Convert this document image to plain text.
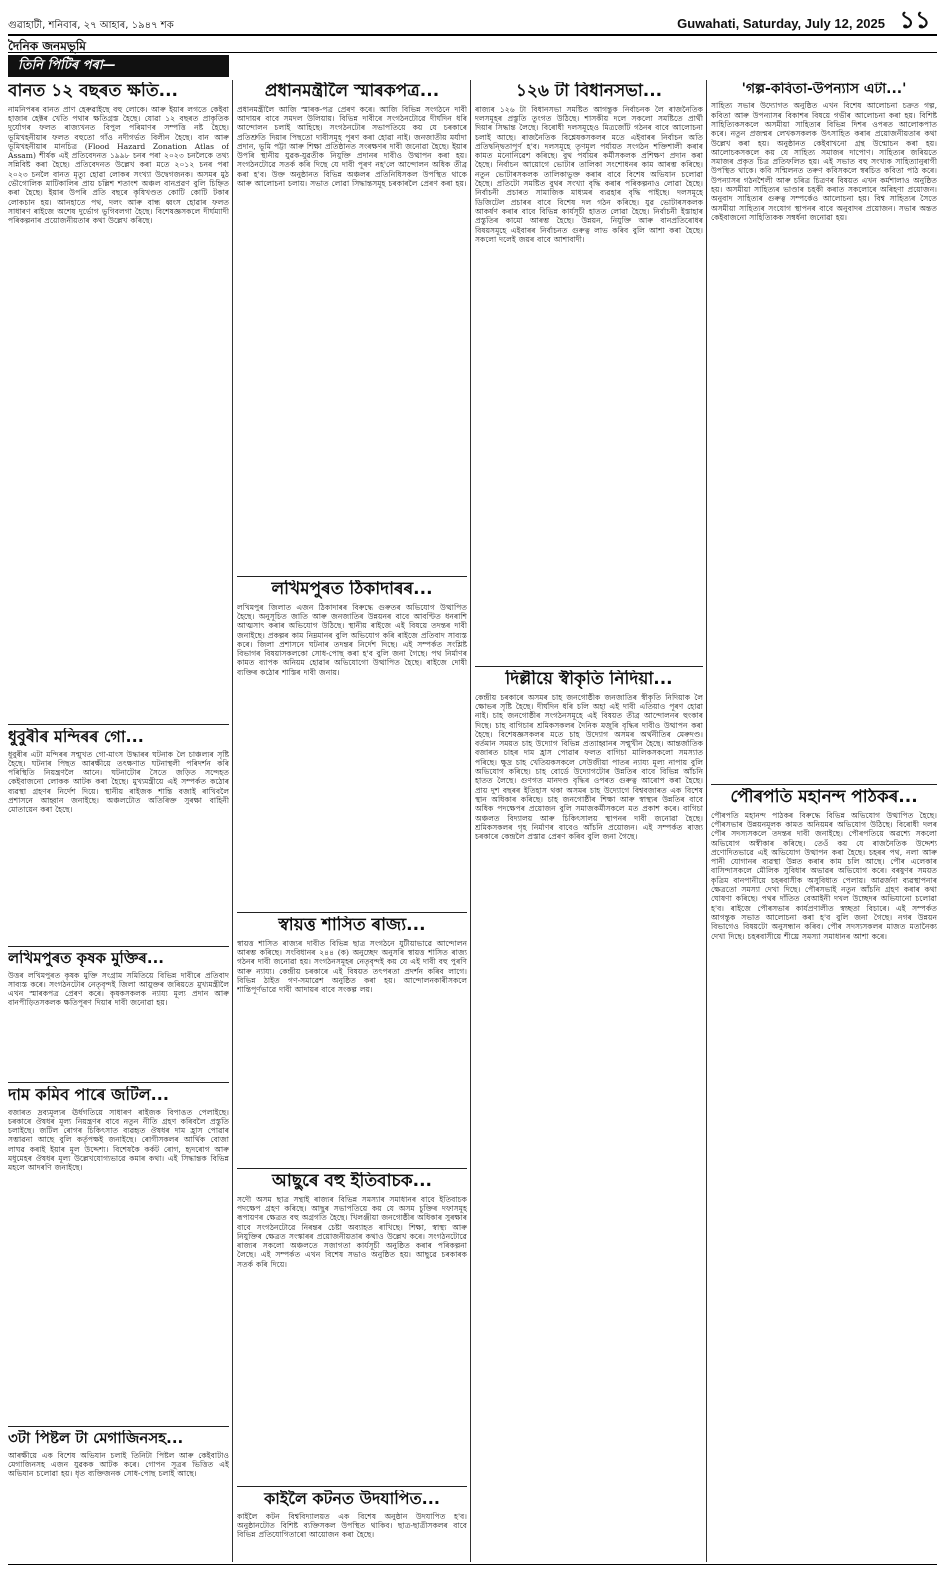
গুৱাহাটী, শনিবাৰ, ২৭ আহাৰ, ১৯৪৭ শক	Guwahati, Saturday, July 12, 2025 ১১
দৈনিক জনমভূমি
তিনি পিটিৰ পৰা—
বানত ১২ বছৰত ক্ষতি...

নামনিপৰৰ বানত প্ৰাণ হেৰুৱাইছে বহু লোকে। আৰু ইয়াৰ লগতে কেইবা হাজাৰ হেক্টৰ খেতি পথাৰ ক্ষতিগ্ৰস্ত হৈছে। যোৱা ১২ বছৰত প্ৰাকৃতিক দুৰ্যোগৰ ফলত ৰাজ্যখনত বিপুল পৰিমাণৰ সম্পত্তি নষ্ট হৈছে। ভূমিখহনীয়াৰ ফলত বহুতো গাঁও নদীগৰ্ভত বিলীন হৈছে। বান আৰু ভূমিখহনীয়াৰ মানচিত্ৰ (Flood Hazard Zonation Atlas of Assam) শীৰ্ষক এই প্ৰতিবেদনত ১৯৯৮ চনৰ পৰা ২০২৩ চনলৈকে তথ্য সন্নিবিষ্ট কৰা হৈছে। প্ৰতিবেদনত উল্লেখ কৰা মতে ২০১২ চনৰ পৰা ২০২৩ চনলৈ বানত মৃত্যু হোৱা লোকৰ সংখ্যা উদ্বেগজনক। অসমৰ মুঠ ভৌগোলিক মাটিকালিৰ প্ৰায় চল্লিশ শতাংশ অঞ্চল বানপ্ৰৱণ বুলি চিহ্নিত কৰা হৈছে। ইয়াৰ উপৰি প্ৰতি বছৰে কৃষিখণ্ডত কোটি কোটি টকাৰ লোকচান হয়। আনহাতে পথ, দলং আৰু বান্ধ ধ্বংস হোৱাৰ ফলত সাধাৰণ ৰাইজে অশেষ দুৰ্ভোগ ভুগিবলগা হৈছে। বিশেষজ্ঞসকলে দীৰ্ঘম্যাদী পৰিকল্পনাৰ প্ৰয়োজনীয়তাৰ কথা উল্লেখ কৰিছে।

ধুবুৰীৰ মন্দিৰৰ গো...

ধুবুৰীৰ এটা মন্দিৰৰ সন্মুখত গো-মাংস উদ্ধাৰৰ ঘটনাক লৈ চাঞ্চল্যৰ সৃষ্টি হৈছে। ঘটনাৰ পিছত আৰক্ষীয়ে তৎক্ষণাত ঘটনাস্থলী পৰিদৰ্শন কৰি পৰিস্থিতি নিয়ন্ত্ৰণলৈ আনে। ঘটনাটোৰ সৈতে জড়িত সন্দেহত কেইবাজনো লোকক আটক কৰা হৈছে। মুখ্যমন্ত্ৰীয়ে এই সম্পৰ্কত কঠোৰ ব্যৱস্থা গ্ৰহণৰ নিৰ্দেশ দিয়ে। স্থানীয় ৰাইজক শান্তি বজাই ৰাখিবলৈ প্ৰশাসনে আহ্বান জনাইছে। অঞ্চলটোত অতিৰিক্ত সুৰক্ষা বাহিনী মোতায়েন কৰা হৈছে।

লখিমপুৰত কৃষক মুক্তিৰ...

উত্তৰ লখিমপুৰত কৃষক মুক্তি সংগ্ৰাম সমিতিয়ে বিভিন্ন দাবীৰে প্ৰতিবাদ সাব্যস্ত কৰে। সংগঠনটোৰ নেতৃবৃন্দই জিলা আয়ুক্তৰ জৰিয়তে মুখ্যমন্ত্ৰীলৈ এখন স্মাৰকপত্ৰ প্ৰেৰণ কৰে। কৃষকসকলক ন্যায্য মূল্য প্ৰদান আৰু বানপীড়িতসকলক ক্ষতিপূৰণ দিয়াৰ দাবী জনোৱা হয়।

দাম কমিব পাৰে জটিল...

বজাৰত দ্ৰব্যমূল্যৰ ঊৰ্ধগতিয়ে সাধাৰণ ৰাইজক বিপাঙত পেলাইছে। চৰকাৰে ঔষধৰ মূল্য নিয়ন্ত্ৰণৰ বাবে নতুন নীতি গ্ৰহণ কৰিবলৈ প্ৰস্তুতি চলাইছে। জটিল ৰোগৰ চিকিৎসাত ব্যৱহৃত ঔষধৰ দাম হ্ৰাস পোৱাৰ সম্ভাৱনা আছে বুলি কৰ্তৃপক্ষই জনাইছে। ৰোগীসকলৰ আৰ্থিক বোজা লাঘৱ কৰাই ইয়াৰ মূল উদ্দেশ্য। বিশেষকৈ কৰ্কট ৰোগ, হৃদৰোগ আৰু মধুমেহৰ ঔষধৰ মূল্য উল্লেখযোগ্যভাৱে কমাৰ কথা। এই সিদ্ধান্তক বিভিন্ন মহলে আদৰণি জনাইছে।

৩টা পিষ্টল টা মেগাজিনসহ...

আৰক্ষীয়ে এক বিশেষ অভিযান চলাই তিনিটা পিষ্টল আৰু কেইবাটাও মেগাজিনসহ এজন যুৱকক আটক কৰে। গোপন সূত্ৰৰ ভিত্তিত এই অভিযান চলোৱা হয়। ধৃত ব্যক্তিজনক সোধ-পোছ চলাই আছে।

প্ৰধানমন্ত্ৰীলৈ স্মাৰকপত্ৰ...

প্ৰধানমন্ত্ৰীলৈ আজি স্মাৰক-পত্ৰ প্ৰেৰণ কৰে। আজি বিভিন্ন সংগঠনে দাবী আদায়ৰ বাবে সমদল উলিয়ায়। বিভিন্ন দাবীৰে সংগঠনটোৱে দীৰ্ঘদিন ধৰি আন্দোলন চলাই আহিছে। সংগঠনটোৰ সভাপতিয়ে কয় যে চৰকাৰে প্ৰতিশ্ৰুতি দিয়াৰ পিছতো দাবীসমূহ পূৰণ কৰা হোৱা নাই। জনজাতীয় মৰ্যাদা প্ৰদান, ভূমি পট্টা আৰু শিক্ষা প্ৰতিষ্ঠানত সংৰক্ষণৰ দাবী জনোৱা হৈছে। ইয়াৰ উপৰি স্থানীয় যুৱক-যুৱতীক নিযুক্তি প্ৰদানৰ দাবীও উত্থাপন কৰা হয়। সংগঠনটোৱে সতৰ্ক কৰি দিছে যে দাবী পূৰণ নহ'লে আন্দোলন অধিক তীব্ৰ কৰা হ'ব। উক্ত অনুষ্ঠানত বিভিন্ন অঞ্চলৰ প্ৰতিনিধিসকল উপস্থিত থাকে আৰু আলোচনা চলায়। সভাত লোৱা সিদ্ধান্তসমূহ চৰকাৰলৈ প্ৰেৰণ কৰা হয়।

লখিমপুৰত ঠিকাদাৰৰ...

লখিমপুৰ জিলাত এজন ঠিকাদাৰৰ বিৰুদ্ধে গুৰুতৰ অভিযোগ উত্থাপিত হৈছে। অনুসূচিত জাতি আৰু জনজাতিৰ উন্নয়নৰ বাবে আবণ্টিত ধনৰাশি আত্মসাৎ কৰাৰ অভিযোগ উঠিছে। স্থানীয় ৰাইজে এই বিষয়ে তদন্তৰ দাবী জনাইছে। প্ৰকল্পৰ কাম নিম্নমানৰ বুলি অভিযোগ কৰি ৰাইজে প্ৰতিবাদ সাব্যস্ত কৰে। জিলা প্ৰশাসনে ঘটনাৰ তদন্তৰ নিৰ্দেশ দিছে। এই সম্পৰ্কত সংশ্লিষ্ট বিভাগৰ বিষয়াসকলকো সোধ-পোছ কৰা হ'ব বুলি জনা গৈছে। পথ নিৰ্মাণৰ কামত ব্যাপক অনিয়ম হোৱাৰ অভিযোগো উত্থাপিত হৈছে। ৰাইজে দোষী ব্যক্তিৰ কঠোৰ শাস্তিৰ দাবী জনায়।

স্বায়ত্ত শাসিত ৰাজ্য...

স্বায়ত্ত শাসিত ৰাজ্যৰ দাবীত বিভিন্ন ছাত্ৰ সংগঠনে যুটীয়াভাৱে আন্দোলন আৰম্ভ কৰিছে। সংবিধানৰ ২৪৪ (ক) অনুচ্ছেদ অনুসৰি স্বায়ত্ত শাসিত ৰাজ্য গঠনৰ দাবী জনোৱা হয়। সংগঠনসমূহৰ নেতৃবৃন্দই কয় যে এই দাবী বহু পুৰণি আৰু ন্যায্য। কেন্দ্ৰীয় চৰকাৰে এই বিষয়ত তৎপৰতা প্ৰদৰ্শন কৰিব লাগে। বিভিন্ন ঠাইত গণ-সমাৱেশ অনুষ্ঠিত কৰা হয়। আন্দোলনকাৰীসকলে শান্তিপূৰ্ণভাৱে দাবী আদায়ৰ বাবে সংকল্প লয়।

আছুৰে বহু ইতিবাচক...

সদৌ অসম ছাত্ৰ সন্থাই ৰাজ্যৰ বিভিন্ন সমস্যাৰ সমাধানৰ বাবে ইতিবাচক পদক্ষেপ গ্ৰহণ কৰিছে। আছুৰ সভাপতিয়ে কয় যে অসম চুক্তিৰ দফাসমূহ ৰূপায়ণৰ ক্ষেত্ৰত বহু অগ্ৰগতি হৈছে। খিলঞ্জীয়া জনগোষ্ঠীৰ অধিকাৰ সুৰক্ষাৰ বাবে সংগঠনটোৱে নিৰন্তৰ চেষ্টা অব্যাহত ৰাখিছে। শিক্ষা, স্বাস্থ্য আৰু নিযুক্তিৰ ক্ষেত্ৰত সংস্কাৰৰ প্ৰয়োজনীয়তাৰ কথাও উল্লেখ কৰে। সংগঠনটোৱে ৰাজ্যৰ সকলো অঞ্চলতে সজাগতা কাৰ্যসূচী অনুষ্ঠিত কৰাৰ পৰিকল্পনা লৈছে। এই সম্পৰ্কত এখন বিশেষ সভাও অনুষ্ঠিত হয়। আছুৱে চৰকাৰক সতৰ্ক কৰি দিয়ে।

কাইলৈ কটনত উদযাপিত...

কাইলৈ কটন বিশ্ববিদ্যালয়ত এক বিশেষ অনুষ্ঠান উদযাপিত হ'ব। অনুষ্ঠানটোত বিশিষ্ট ব্যক্তিসকল উপস্থিত থাকিব। ছাত্ৰ-ছাত্ৰীসকলৰ বাবে বিভিন্ন প্ৰতিযোগিতাৰো আয়োজন কৰা হৈছে।

১২৬ টা বিধানসভা...

ৰাজ্যৰ ১২৬ টা বিধানসভা সমষ্টিত আগন্তুক নিৰ্বাচনক লৈ ৰাজনৈতিক দলসমূহৰ প্ৰস্তুতি তুংগত উঠিছে। শাসকীয় দলে সকলো সমষ্টিতে প্ৰাৰ্থী দিয়াৰ সিদ্ধান্ত লৈছে। বিৰোধী দলসমূহেও মিত্ৰজোঁট গঠনৰ বাবে আলোচনা চলাই আছে। ৰাজনৈতিক বিশ্লেষকসকলৰ মতে এইবাৰৰ নিৰ্বাচন অতি প্ৰতিদ্বন্দ্বিতাপূৰ্ণ হ'ব। দলসমূহে তৃণমূল পৰ্যায়ত সংগঠন শক্তিশালী কৰাৰ কামত মনোনিৱেশ কৰিছে। বুথ পৰ্যায়ৰ কৰ্মীসকলক প্ৰশিক্ষণ প্ৰদান কৰা হৈছে। নিৰ্বাচন আয়োগে ভোটাৰ তালিকা সংশোধনৰ কাম আৰম্ভ কৰিছে। নতুন ভোটাৰসকলক তালিকাভুক্ত কৰাৰ বাবে বিশেষ অভিযান চলোৱা হৈছে। প্ৰতিটো সমষ্টিত বুথৰ সংখ্যা বৃদ্ধি কৰাৰ পৰিকল্পনাও লোৱা হৈছে। নিৰ্বাচনী প্ৰচাৰত সামাজিক মাধ্যমৰ ব্যৱহাৰ বৃদ্ধি পাইছে। দলসমূহে ডিজিটেল প্ৰচাৰৰ বাবে বিশেষ দল গঠন কৰিছে। যুৱ ভোটাৰসকলক আকৰ্ষণ কৰাৰ বাবে বিভিন্ন কাৰ্যসূচী হাতত লোৱা হৈছে। নিৰ্বাচনী ইস্তাহাৰ প্ৰস্তুতিৰ কামো আৰম্ভ হৈছে। উন্নয়ন, নিযুক্তি আৰু বানপ্ৰতিৰোধৰ বিষয়সমূহে এইবাৰৰ নিৰ্বাচনত গুৰুত্ব লাভ কৰিব বুলি আশা কৰা হৈছে। সকলো দলেই জয়ৰ বাবে আশাবাদী।

দিল্লীয়ে স্বীকৃতি নিদিয়া...

কেন্দ্ৰীয় চৰকাৰে অসমৰ চাহ জনগোষ্ঠীক জনজাতিৰ স্বীকৃতি নিদিয়াক লৈ ক্ষোভৰ সৃষ্টি হৈছে। দীৰ্ঘদিন ধৰি চলি অহা এই দাবী এতিয়াও পূৰণ হোৱা নাই। চাহ জনগোষ্ঠীৰ সংগঠনসমূহে এই বিষয়ত তীব্ৰ আন্দোলনৰ হুংকাৰ দিছে। চাহ বাগিচাৰ শ্ৰমিকসকলৰ দৈনিক মজুৰি বৃদ্ধিৰ দাবীও উত্থাপন কৰা হৈছে। বিশেষজ্ঞসকলৰ মতে চাহ উদ্যোগ অসমৰ অৰ্থনীতিৰ মেৰুদণ্ড। বৰ্তমান সময়ত চাহ উদ্যোগ বিভিন্ন প্ৰত্যাহ্বানৰ সন্মুখীন হৈছে। আন্তৰ্জাতিক বজাৰত চাহৰ দাম হ্ৰাস পোৱাৰ ফলত বাগিচা মালিকসকলো সমস্যাত পৰিছে। ক্ষুদ্ৰ চাহ খেতিয়কসকলে সেউজীয়া পাতৰ ন্যায্য মূল্য নাপায় বুলি অভিযোগ কৰিছে। চাহ বোৰ্ডে উদ্যোগটোৰ উন্নতিৰ বাবে বিভিন্ন আঁচনি হাতত লৈছে। গুণগত মানদণ্ড বৃদ্ধিৰ ওপৰত গুৰুত্ব আৰোপ কৰা হৈছে। প্ৰায় দুশ বছৰৰ ইতিহাস থকা অসমৰ চাহ উদ্যোগে বিশ্ববজাৰত এক বিশেষ স্থান অধিকাৰ কৰিছে। চাহ জনগোষ্ঠীৰ শিক্ষা আৰু স্বাস্থ্যৰ উন্নতিৰ বাবে অধিক পদক্ষেপৰ প্ৰয়োজন বুলি সমাজকৰ্মীসকলে মত প্ৰকাশ কৰে। বাগিচা অঞ্চলত বিদ্যালয় আৰু চিকিৎসালয় স্থাপনৰ দাবী জনোৱা হৈছে। শ্ৰমিকসকলৰ গৃহ নিৰ্মাণৰ বাবেও আঁচনি প্ৰয়োজন। এই সম্পৰ্কত ৰাজ্য চৰকাৰে কেন্দ্ৰলৈ প্ৰস্তাৱ প্ৰেৰণ কৰিব বুলি জনা গৈছে।

'গল্প-কবিতা-উপন্যাস এটা...'

সাহিত্য সভাৰ উদ্যোগত অনুষ্ঠিত এখন বিশেষ আলোচনা চক্ৰত গল্প, কবিতা আৰু উপন্যাসৰ বিকাশৰ বিষয়ে গভীৰ আলোচনা কৰা হয়। বিশিষ্ট সাহিত্যিকসকলে অসমীয়া সাহিত্যৰ বিভিন্ন দিশৰ ওপৰত আলোকপাত কৰে। নতুন প্ৰজন্মৰ লেখকসকলক উৎসাহিত কৰাৰ প্ৰয়োজনীয়তাৰ কথা উল্লেখ কৰা হয়। অনুষ্ঠানত কেইবাখনো গ্ৰন্থ উন্মোচন কৰা হয়। আলোচকসকলে কয় যে সাহিত্য সমাজৰ দাপোণ। সাহিত্যৰ জৰিয়তে সমাজৰ প্ৰকৃত চিত্ৰ প্ৰতিফলিত হয়। এই সভাত বহু সংখ্যক সাহিত্যানুৰাগী উপস্থিত থাকে। কবি সন্মিলনত তৰুণ কবিসকলে স্বৰচিত কবিতা পাঠ কৰে। উপন্যাসৰ গঠনশৈলী আৰু চৰিত্ৰ চিত্ৰণৰ বিষয়ত এখন কৰ্মশালাও অনুষ্ঠিত হয়। অসমীয়া সাহিত্যৰ ভাণ্ডাৰ চহকী কৰাত সকলোৰে অৰিহণা প্ৰয়োজন। অনুবাদ সাহিত্যৰ গুৰুত্ব সম্পৰ্কেও আলোচনা হয়। বিশ্ব সাহিত্যৰ সৈতে অসমীয়া সাহিত্যৰ সংযোগ স্থাপনৰ বাবে অনুবাদৰ প্ৰয়োজন। সভাৰ অন্তত কেইবাজনো সাহিত্যিকক সম্বৰ্ধনা জনোৱা হয়।

পৌৰপতি মহানন্দ পাঠকৰ...

পৌৰপতি মহানন্দ পাঠকৰ বিৰুদ্ধে বিভিন্ন অভিযোগ উত্থাপিত হৈছে। পৌৰসভাৰ উন্নয়নমূলক কামত অনিয়মৰ অভিযোগ উঠিছে। বিৰোধী দলৰ পৌৰ সদস্যসকলে তদন্তৰ দাবী জনাইছে। পৌৰপতিয়ে অৱশ্যে সকলো অভিযোগ অস্বীকাৰ কৰিছে। তেওঁ কয় যে ৰাজনৈতিক উদ্দেশ্য প্ৰণোদিতভাৱে এই অভিযোগ উত্থাপন কৰা হৈছে। চহৰৰ পথ, নলা আৰু পানী যোগানৰ ব্যৱস্থা উন্নত কৰাৰ কাম চলি আছে। পৌৰ এলেকাৰ বাসিন্দাসকলে মৌলিক সুবিধাৰ অভাৱৰ অভিযোগ কৰে। বৰষুণৰ সময়ত কৃত্ৰিম বানপানীয়ে চহৰবাসীক অসুবিধাত পেলায়। আৱৰ্জনা ব্যৱস্থাপনাৰ ক্ষেত্ৰতো সমস্যা দেখা দিছে। পৌৰসভাই নতুন আঁচনি গ্ৰহণ কৰাৰ কথা ঘোষণা কৰিছে। পথৰ দাঁতিত বেআইনী দখল উচ্ছেদৰ অভিযানো চলোৱা হ'ব। ৰাইজে পৌৰসভাৰ কাৰ্যপ্ৰণালীত স্বচ্ছতা বিচাৰে। এই সম্পৰ্কত আগন্তুক সভাত আলোচনা কৰা হ'ব বুলি জনা গৈছে। নগৰ উন্নয়ন বিভাগেও বিষয়টো অনুসন্ধান কৰিব। পৌৰ সদস্যসকলৰ মাজত মতানৈক্য দেখা দিছে। চহৰবাসীয়ে শীঘ্ৰে সমস্যা সমাধানৰ আশা কৰে।
